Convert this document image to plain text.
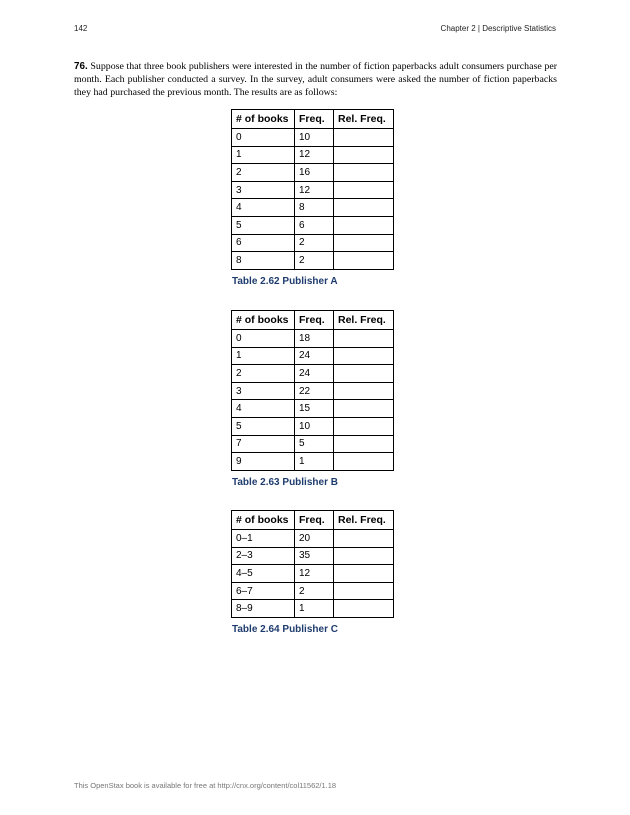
142	Chapter 2 | Descriptive Statistics
76. Suppose that three book publishers were interested in the number of fiction paperbacks adult consumers purchase per month. Each publisher conducted a survey. In the survey, adult consumers were asked the number of fiction paperbacks they had purchased the previous month. The results are as follows:
# of books	Freq.	Rel. Freq.
0	10	
1	12	
2	16	
3	12	
4	8	
5	6	
6	2	
8	2	
Table 2.62 Publisher A
# of books	Freq.	Rel. Freq.
0	18	
1	24	
2	24	
3	22	
4	15	
5	10	
7	5	
9	1	
Table 2.63 Publisher B
# of books	Freq.	Rel. Freq.
0–1	20	
2–3	35	
4–5	12	
6–7	2	
8–9	1	
Table 2.64 Publisher C
This OpenStax book is available for free at http://cnx.org/content/col11562/1.18
